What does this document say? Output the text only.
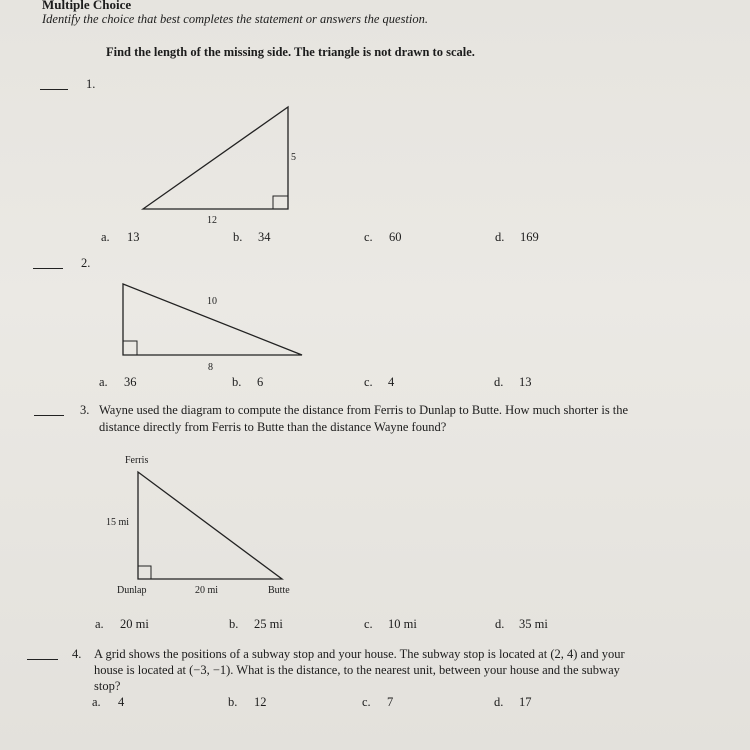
Multiple Choice
Identify the choice that best completes the statement or answers the question.
Find the length of the missing side. The triangle is not drawn to scale.
1.
5
12
a. 13	b. 34	c. 60	d. 169
2.
10
8
a. 36	b. 6	c. 4	d. 13
3. Wayne used the diagram to compute the distance from Ferris to Dunlap to Butte. How much shorter is the
distance directly from Ferris to Butte than the distance Wayne found?
Ferris
15 mi
Dunlap	20 mi	Butte
a. 20 mi	b. 25 mi	c. 10 mi	d. 35 mi
4. A grid shows the positions of a subway stop and your house. The subway stop is located at (2, 4) and your
house is located at (−3, −1). What is the distance, to the nearest unit, between your house and the subway
stop?
a. 4	b. 12	c. 7	d. 17
